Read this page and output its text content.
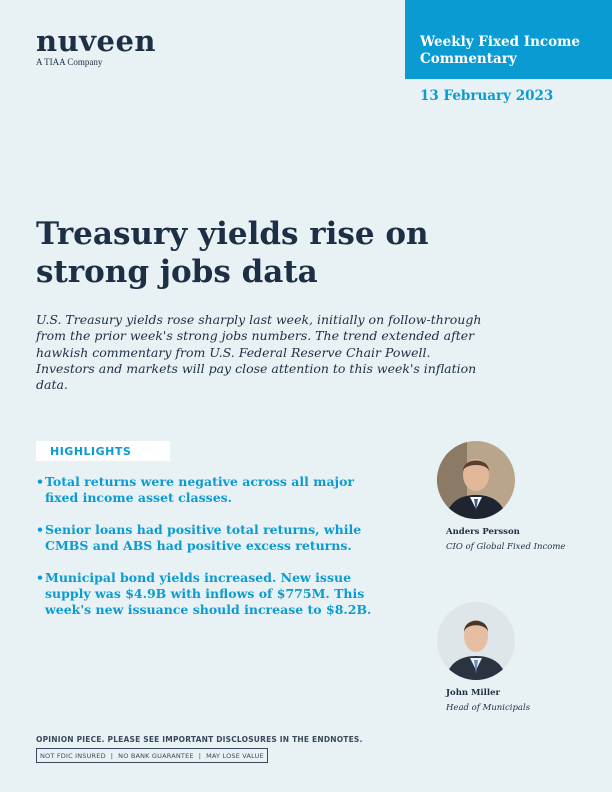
nuveen
A TIAA Company
Weekly Fixed Income Commentary
13 February 2023
Treasury yields rise on strong jobs data

U.S. Treasury yields rose sharply last week, initially on follow-through from the prior week's strong jobs numbers. The trend extended after hawkish commentary from U.S. Federal Reserve Chair Powell. Investors and markets will pay close attention to this week's inflation data.

HIGHLIGHTS
• Total returns were negative across all major fixed income asset classes.
• Senior loans had positive total returns, while CMBS and ABS had positive excess returns.
• Municipal bond yields increased. New issue supply was $4.9B with inflows of $775M. This week's new issuance should increase to $8.2B.
Anders Persson
CIO of Global Fixed Income
John Miller
Head of Municipals
OPINION PIECE. PLEASE SEE IMPORTANT DISCLOSURES IN THE ENDNOTES.
NOT FDIC INSURED | NO BANK GUARANTEE | MAY LOSE VALUE
